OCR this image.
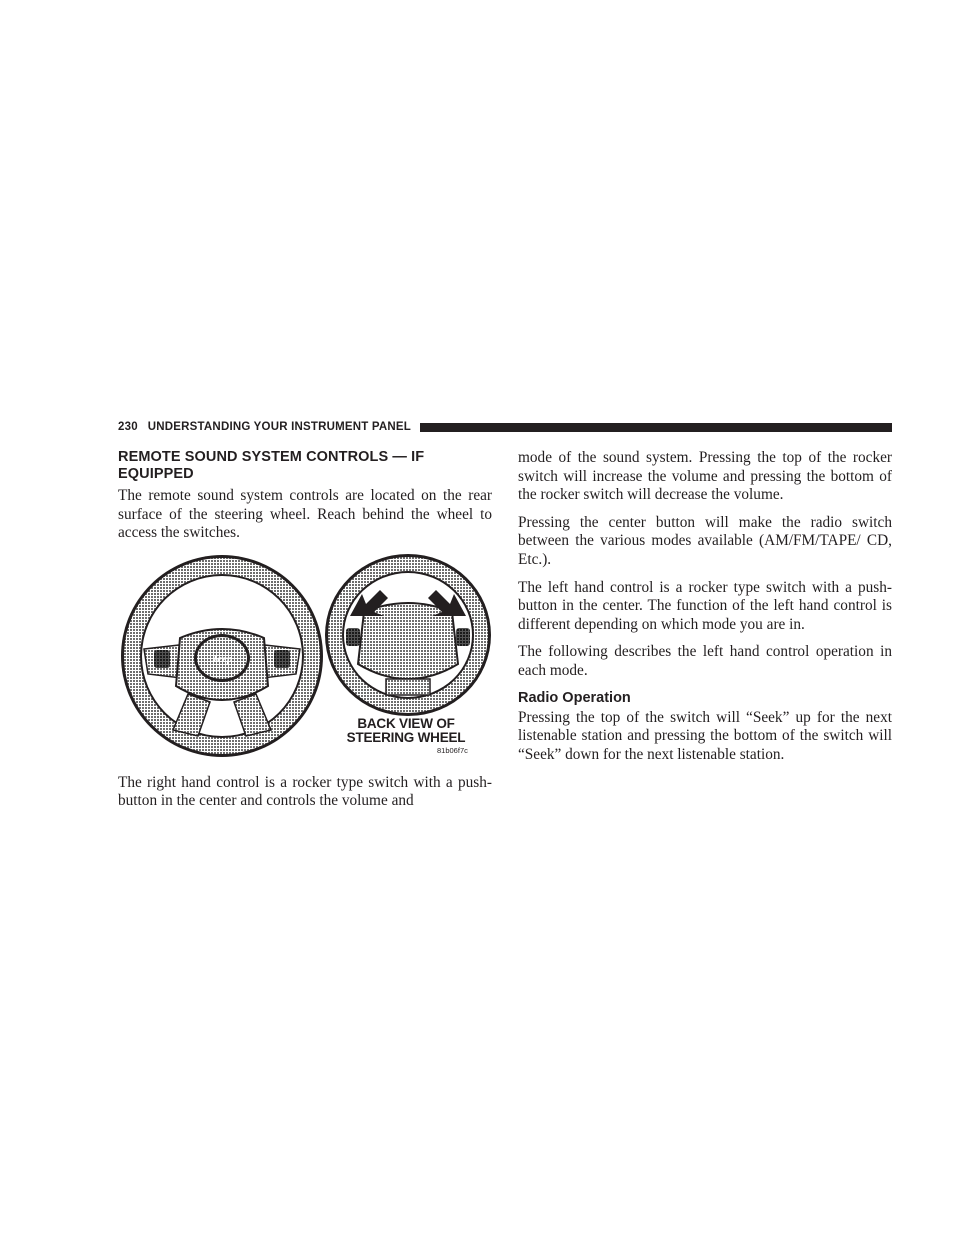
230 UNDERSTANDING YOUR INSTRUMENT PANEL
REMOTE SOUND SYSTEM CONTROLS — IF EQUIPPED

The remote sound system controls are located on the rear surface of the steering wheel. Reach behind the wheel to access the switches.

Jeep
BACK VIEW OF
STEERING WHEEL
81b06f7c

The right hand control is a rocker type switch with a push-button in the center and controls the volume and

mode of the sound system. Pressing the top of the rocker switch will increase the volume and pressing the bottom of the rocker switch will decrease the volume.

Pressing the center button will make the radio switch between the various modes available (AM/FM/TAPE/ CD, Etc.).

The left hand control is a rocker type switch with a push-button in the center. The function of the left hand control is different depending on which mode you are in.

The following describes the left hand control operation in each mode.

Radio Operation

Pressing the top of the switch will “Seek” up for the next listenable station and pressing the bottom of the switch will “Seek” down for the next listenable station.
